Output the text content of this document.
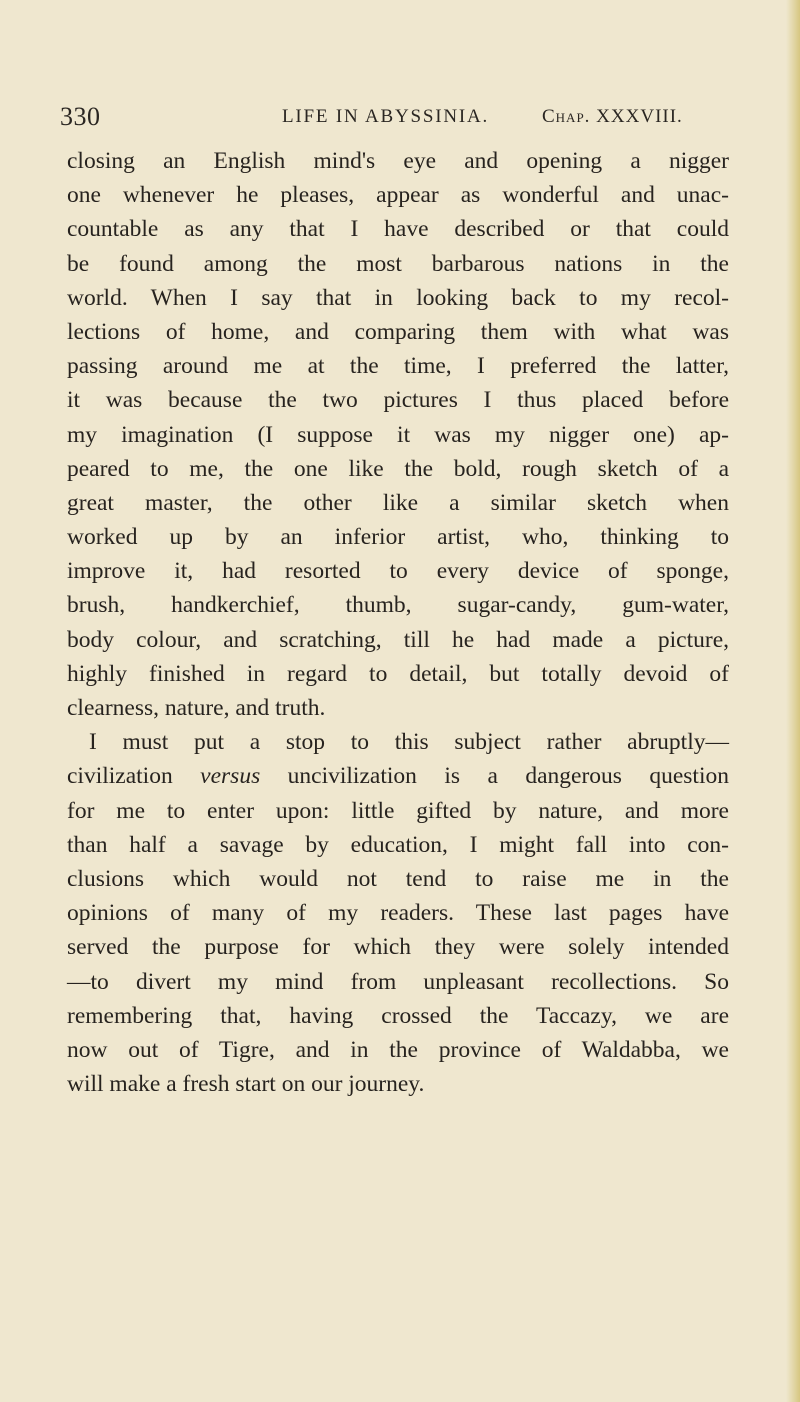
330	LIFE IN ABYSSINIA.	Chap. XXXVIII.
closing an English mind's eye and opening a nigger
one whenever he pleases, appear as wonderful and unac-
countable as any that I have described or that could
be found among the most barbarous nations in the
world. When I say that in looking back to my recol-
lections of home, and comparing them with what was
passing around me at the time, I preferred the latter,
it was because the two pictures I thus placed before
my imagination (I suppose it was my nigger one) ap-
peared to me, the one like the bold, rough sketch of a
great master, the other like a similar sketch when
worked up by an inferior artist, who, thinking to
improve it, had resorted to every device of sponge,
brush, handkerchief, thumb, sugar-candy, gum-water,
body colour, and scratching, till he had made a picture,
highly finished in regard to detail, but totally devoid of
clearness, nature, and truth.
I must put a stop to this subject rather abruptly—
civilization versus uncivilization is a dangerous question
for me to enter upon: little gifted by nature, and more
than half a savage by education, I might fall into con-
clusions which would not tend to raise me in the
opinions of many of my readers. These last pages have
served the purpose for which they were solely intended
—to divert my mind from unpleasant recollections. So
remembering that, having crossed the Taccazy, we are
now out of Tigre, and in the province of Waldabba, we
will make a fresh start on our journey.
